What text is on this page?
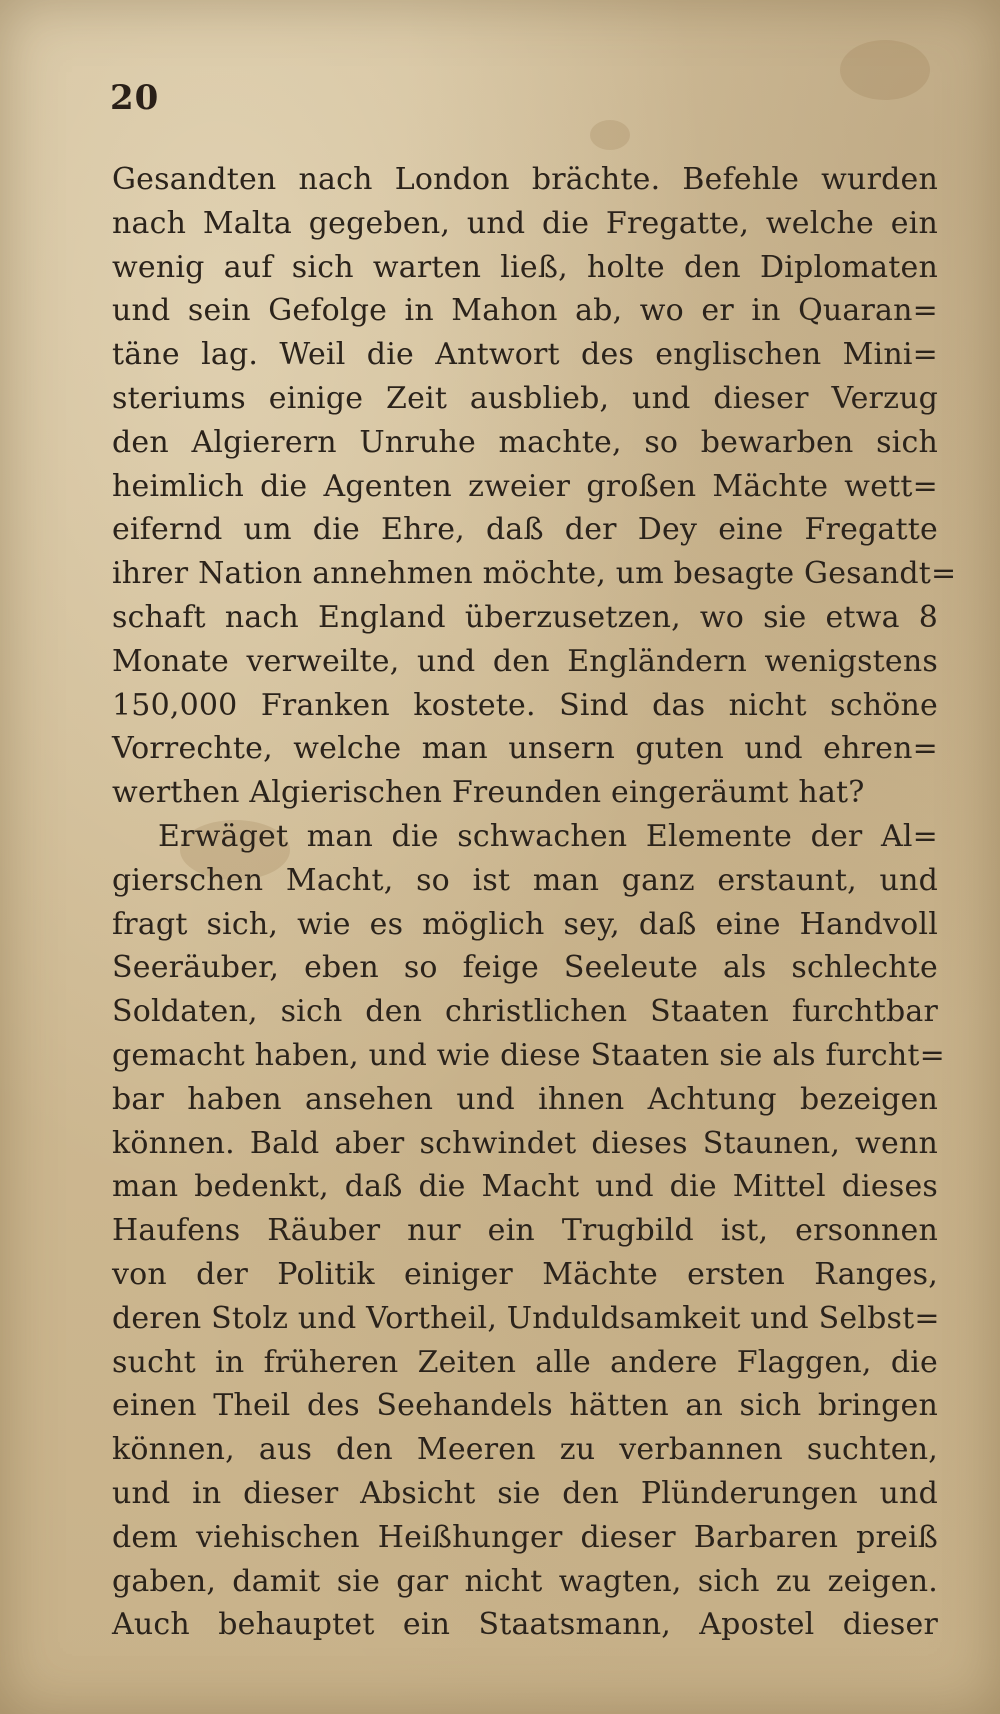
20
Gesandten nach London brächte. Befehle wurden
nach Malta gegeben, und die Fregatte, welche ein
wenig auf sich warten ließ, holte den Diplomaten
und sein Gefolge in Mahon ab, wo er in Quaran=
täne lag. Weil die Antwort des englischen Mini=
steriums einige Zeit ausblieb, und dieser Verzug
den Algierern Unruhe machte, so bewarben sich
heimlich die Agenten zweier großen Mächte wett=
eifernd um die Ehre, daß der Dey eine Fregatte
ihrer Nation annehmen möchte, um besagte Gesandt=
schaft nach England überzusetzen, wo sie etwa 8
Monate verweilte, und den Engländern wenigstens
150,000 Franken kostete. Sind das nicht schöne
Vorrechte, welche man unsern guten und ehren=
werthen Algierischen Freunden eingeräumt hat?
Erwäget man die schwachen Elemente der Al=
gierschen Macht, so ist man ganz erstaunt, und
fragt sich, wie es möglich sey, daß eine Handvoll
Seeräuber, eben so feige Seeleute als schlechte
Soldaten, sich den christlichen Staaten furchtbar
gemacht haben, und wie diese Staaten sie als furcht=
bar haben ansehen und ihnen Achtung bezeigen
können. Bald aber schwindet dieses Staunen, wenn
man bedenkt, daß die Macht und die Mittel dieses
Haufens Räuber nur ein Trugbild ist, ersonnen
von der Politik einiger Mächte ersten Ranges,
deren Stolz und Vortheil, Unduldsamkeit und Selbst=
sucht in früheren Zeiten alle andere Flaggen, die
einen Theil des Seehandels hätten an sich bringen
können, aus den Meeren zu verbannen suchten,
und in dieser Absicht sie den Plünderungen und
dem viehischen Heißhunger dieser Barbaren preiß
gaben, damit sie gar nicht wagten, sich zu zeigen.
Auch behauptet ein Staatsmann, Apostel dieser
